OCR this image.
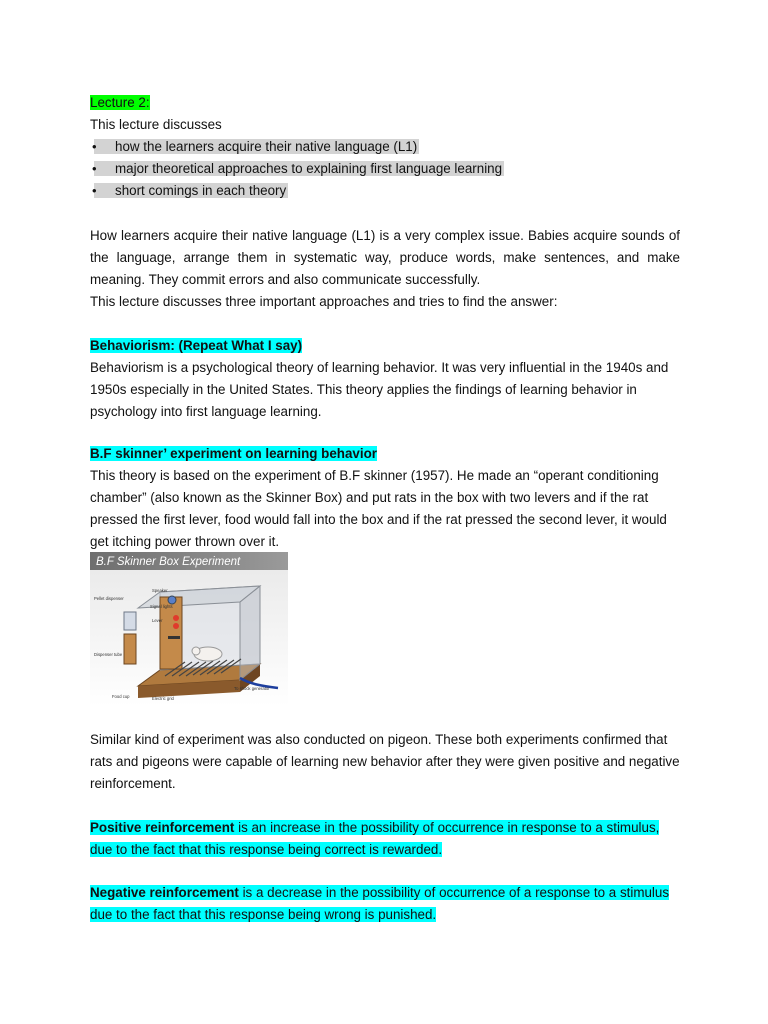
Lecture 2:

This lecture discusses

•	how the learners acquire their native language (L1)
•	major theoretical approaches to explaining first language learning
•	short comings in each theory

How learners acquire their native language (L1) is a very complex issue. Babies acquire sounds of the language, arrange them in systematic way, produce words, make sentences, and make meaning. They commit errors and also communicate successfully.

This lecture discusses three important approaches and tries to find the answer:

Behaviorism: (Repeat What I say)

Behaviorism is a psychological theory of learning behavior. It was very influential in the 1940s and 1950s especially in the United States. This theory applies the findings of learning behavior in psychology into first language learning.

B.F skinner’ experiment on learning behavior

This theory is based on the experiment of B.F skinner (1957). He made an “operant conditioning chamber” (also known as the Skinner Box) and put rats in the box with two levers and if the rat pressed the first lever, food would fall into the box and if the rat pressed the second lever, it would get itching power thrown over it.

B.F Skinner Box Experiment
Speaker
Signal lights
Lever
Pellet dispenser
Dispenser tube
Food cup	Electric grid
To shock generator

Similar kind of experiment was also conducted on pigeon. These both experiments confirmed that rats and pigeons were capable of learning new behavior after they were given positive and negative reinforcement.

Positive reinforcement is an increase in the possibility of occurrence in response to a stimulus, due to the fact that this response being correct is rewarded.

Negative reinforcement is a decrease in the possibility of occurrence of a response to a stimulus due to the fact that this response being wrong is punished.
